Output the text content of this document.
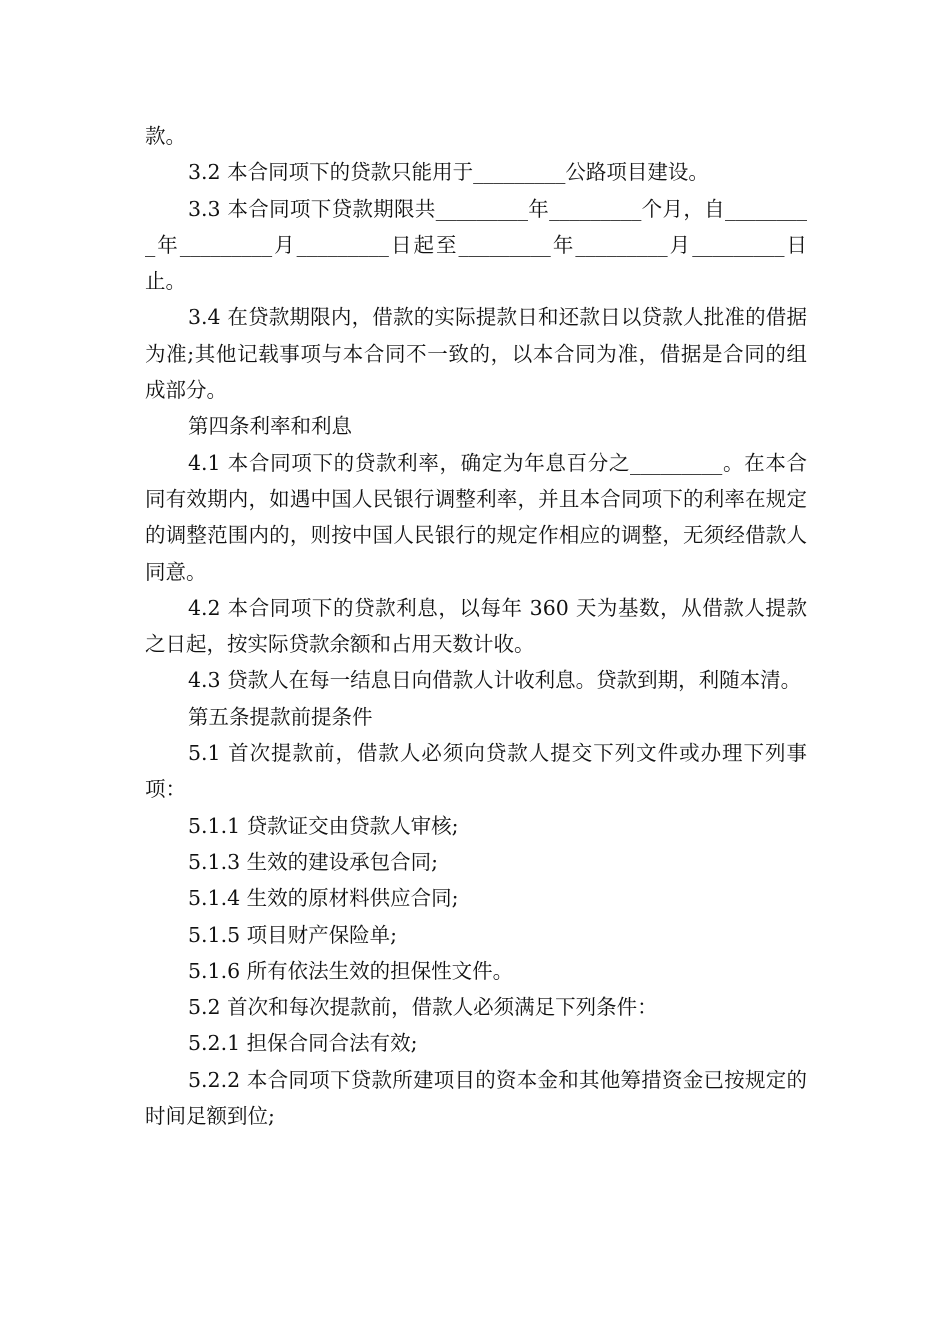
款。

3.2 本合同项下的贷款只能用于_________公路项目建设。

3.3 本合同项下贷款期限共_________年_________个月，自_________年_________月_________日起至_________年_________月_________日止。

3.4 在贷款期限内，借款的实际提款日和还款日以贷款人批准的借据为准;其他记载事项与本合同不一致的，以本合同为准，借据是合同的组成部分。

第四条利率和利息

4.1 本合同项下的贷款利率，确定为年息百分之_________。在本合同有效期内，如遇中国人民银行调整利率，并且本合同项下的利率在规定的调整范围内的，则按中国人民银行的规定作相应的调整，无须经借款人同意。

4.2 本合同项下的贷款利息，以每年 360 天为基数，从借款人提款之日起，按实际贷款余额和占用天数计收。

4.3 贷款人在每一结息日向借款人计收利息。贷款到期，利随本清。

第五条提款前提条件

5.1 首次提款前，借款人必须向贷款人提交下列文件或办理下列事项：

5.1.1 贷款证交由贷款人审核;

5.1.3 生效的建设承包合同;

5.1.4 生效的原材料供应合同;

5.1.5 项目财产保险单;

5.1.6 所有依法生效的担保性文件。

5.2 首次和每次提款前，借款人必须满足下列条件：

5.2.1 担保合同合法有效;

5.2.2 本合同项下贷款所建项目的资本金和其他筹措资金已按规定的时间足额到位;
